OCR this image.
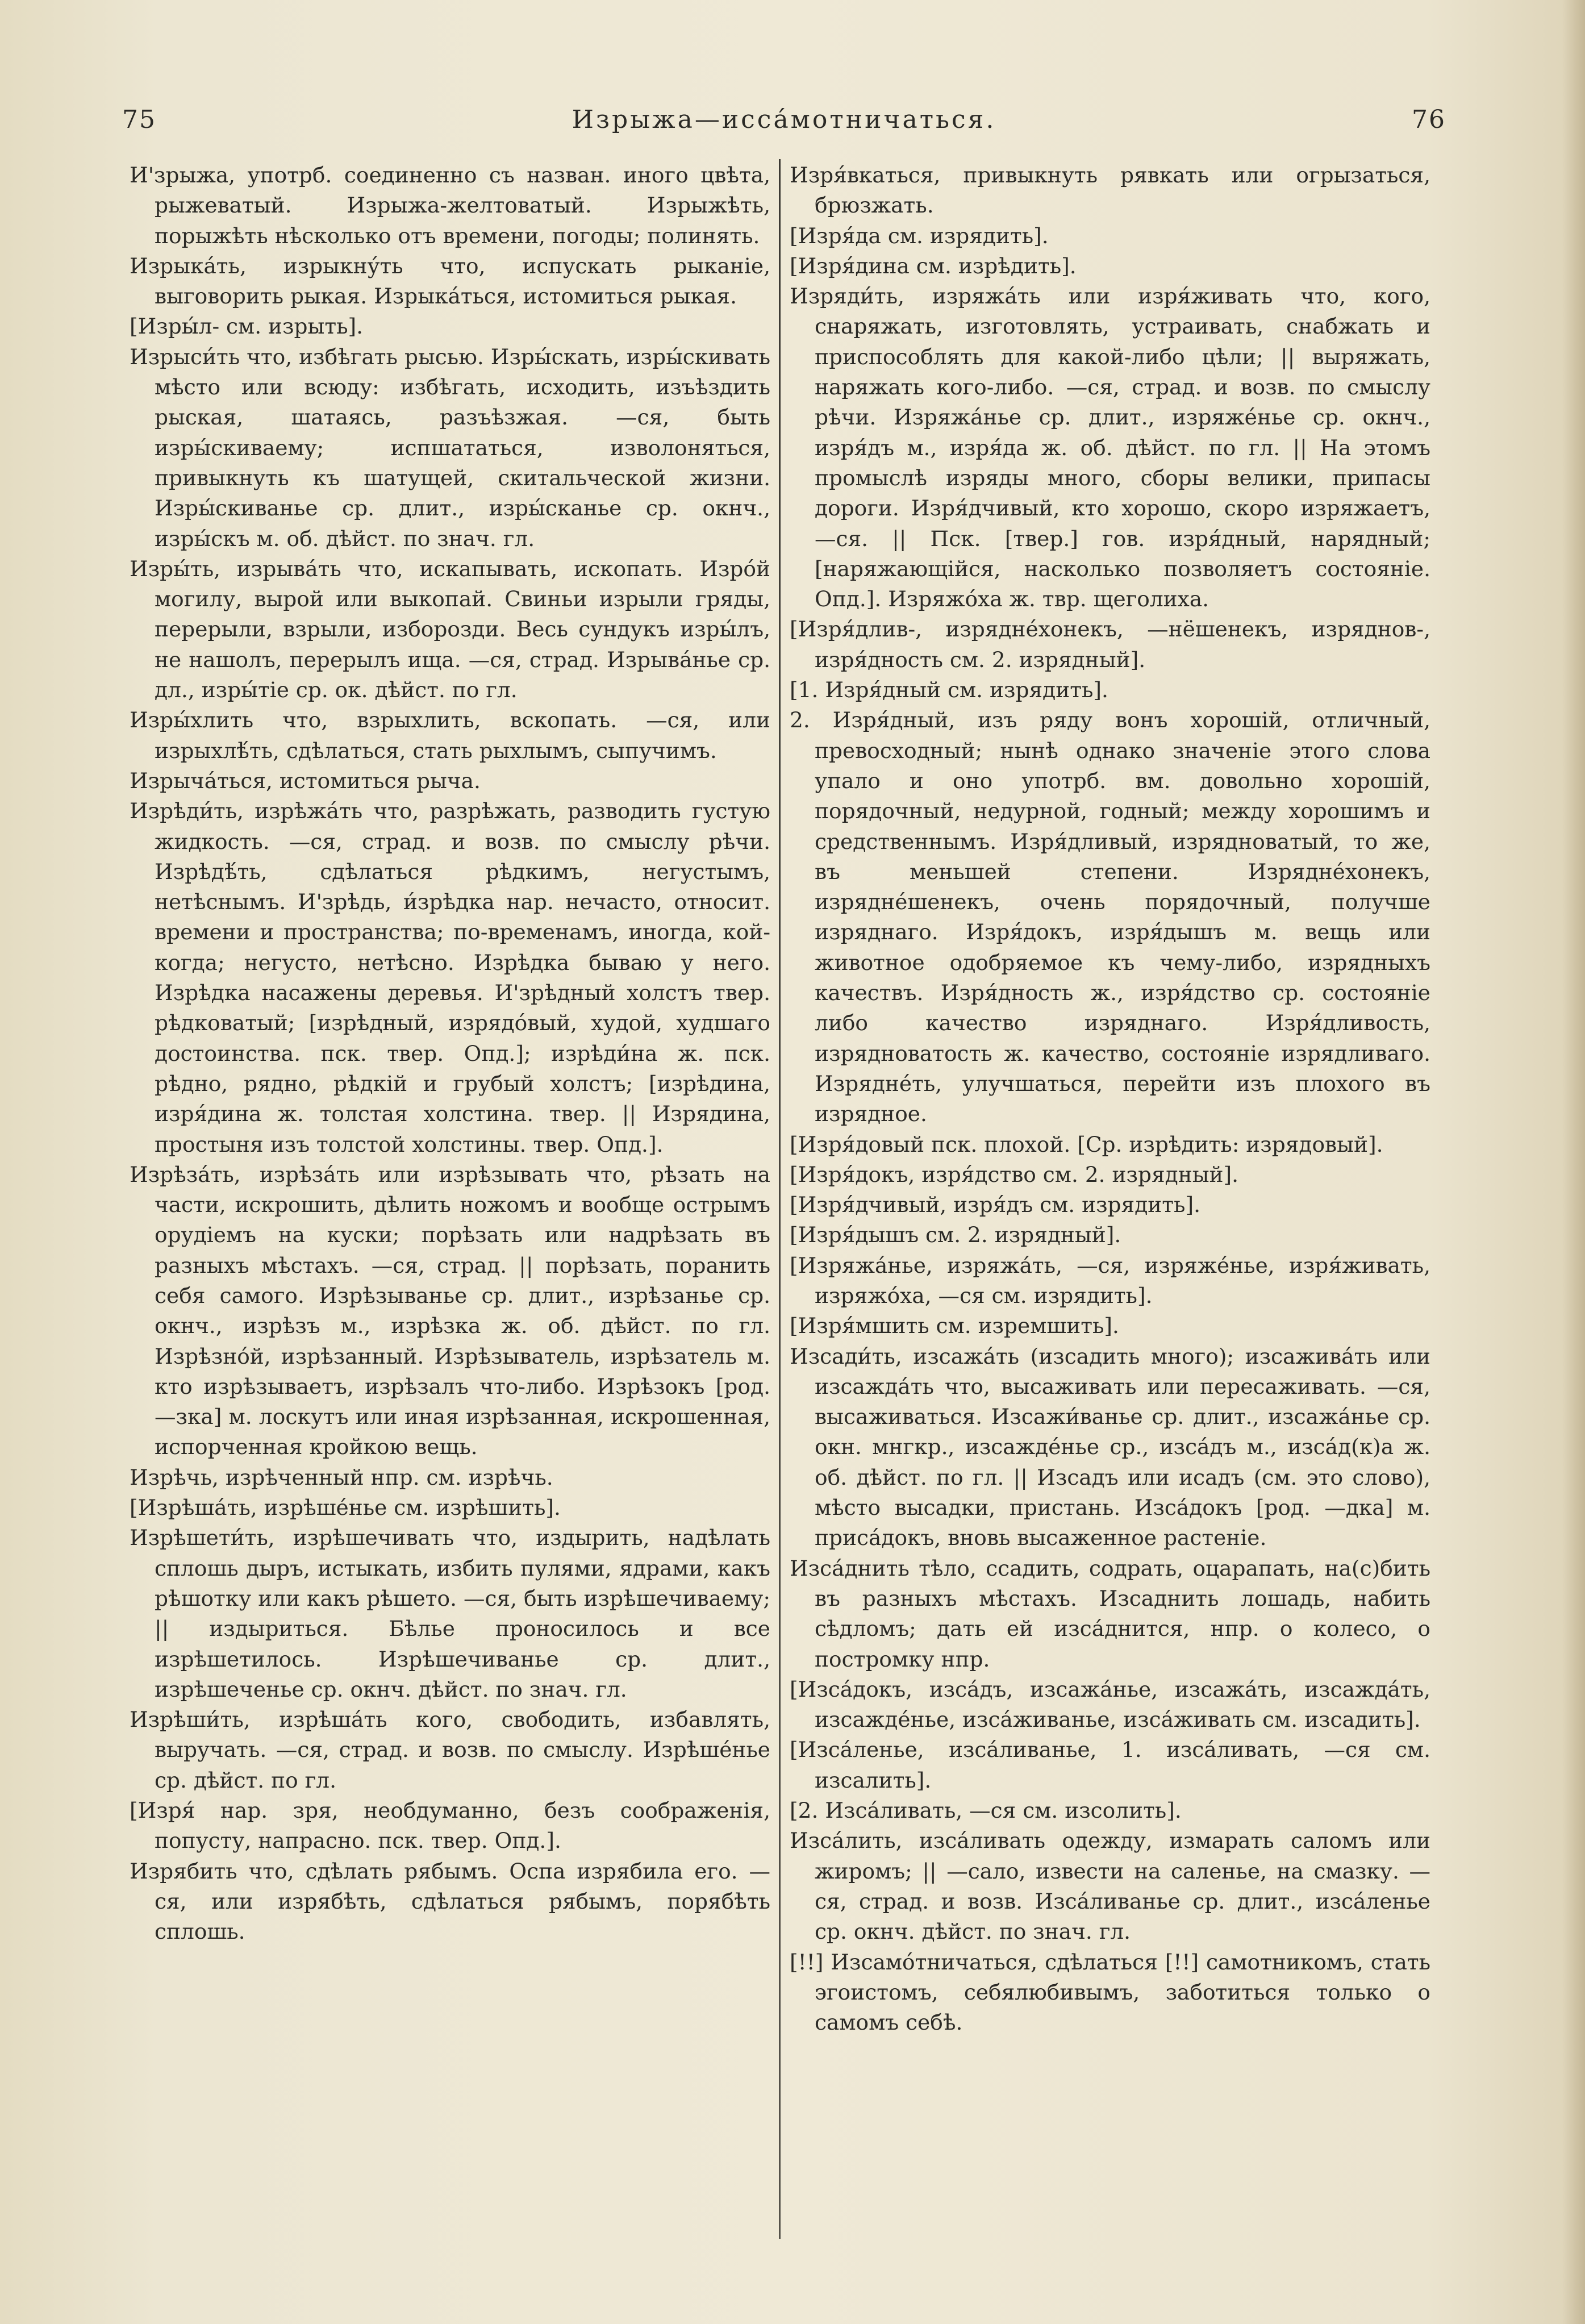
75	Изрыжа—исса́мотничаться.	76

И'зрыжа, употрб. соединенно съ назван. иного цвѣта, рыжеватый. Изрыжа-желтоватый. Изрыжѣть, порыжѣть нѣсколько отъ времени, погоды; полинять.

Изрыка́ть, изрыкну́ть что, испускать рыканіе, выговорить рыкая. Изрыка́ться, истомиться рыкая.

[Изры́л- см. изрыть].

Изрыси́ть что, избѣгать рысью. Изры́скать, изры́скивать мѣсто или всюду: избѣгать, исходить, изъѣздить рыская, шатаясь, разъѣзжая. —ся, быть изры́скиваему; испшататься, изволоняться, привыкнуть къ шатущей, скитальческой жизни. Изры́скиванье ср. длит., изры́сканье ср. окнч., изры́скъ м. об. дѣйст. по знач. гл.

Изры́ть, изрыва́ть что, искапывать, ископать. Изро́й могилу, вырой или выкопай. Свиньи изрыли гряды, перерыли, взрыли, изборозди. Весь сундукъ изры́лъ, не нашолъ, перерылъ ища. —ся, страд. Изрыва́нье ср. дл., изры́тіе ср. ок. дѣйст. по гл.

Изры́хлить что, взрыхлить, вскопать. —ся, или изрыхлѣ́ть, сдѣлаться, стать рыхлымъ, сыпучимъ.

Изрыча́ться, истомиться рыча.

Изрѣди́ть, изрѣжа́ть что, разрѣжать, разводить густую жидкость. —ся, страд. и возв. по смыслу рѣчи. Изрѣдѣ́ть, сдѣлаться рѣдкимъ, негустымъ, нетѣснымъ. И'зрѣдь, и́зрѣдка нар. нечасто, относит. времени и пространства; по-временамъ, иногда, кой-когда; негусто, нетѣсно. Изрѣдка бываю у него. Изрѣдка насажены деревья. И'зрѣдный холстъ твер. рѣдковатый; [изрѣдный, изрядо́вый, худой, худшаго достоинства. пск. твер. Опд.]; изрѣди́на ж. пск. рѣдно, рядно, рѣдкій и грубый холстъ; [изрѣдина, изря́дина ж. толстая холстина. твер. || Изрядина, простыня изъ толстой холстины. твер. Опд.].

Изрѣза́ть, изрѣза́ть или изрѣзывать что, рѣзать на части, искрошить, дѣлить ножомъ и вообще острымъ орудіемъ на куски; порѣзать или надрѣзать въ разныхъ мѣстахъ. —ся, страд. || порѣзать, поранить себя самого. Изрѣзыванье ср. длит., изрѣзанье ср. окнч., изрѣзъ м., изрѣзка ж. об. дѣйст. по гл. Изрѣзно́й, изрѣзанный. Изрѣзыватель, изрѣзатель м. кто изрѣзываетъ, изрѣзалъ что-либо. Изрѣзокъ [род. —зка] м. лоскутъ или иная изрѣзанная, искрошенная, испорченная кройкою вещь.

Изрѣчь, изрѣченный нпр. см. изрѣчь.

[Изрѣша́ть, изрѣше́нье см. изрѣшить].

Изрѣшети́ть, изрѣшечивать что, издырить, надѣлать сплошь дыръ, истыкать, избить пулями, ядрами, какъ рѣшотку или какъ рѣшето. —ся, быть изрѣшечиваему; || издыриться. Бѣлье проносилось и все изрѣшетилось. Изрѣшечиванье ср. длит., изрѣшеченье ср. окнч. дѣйст. по знач. гл.

Изрѣши́ть, изрѣша́ть кого, свободить, избавлять, выручать. —ся, страд. и возв. по смыслу. Изрѣше́нье ср. дѣйст. по гл.

[Изря́ нар. зря, необдуманно, безъ соображенія, попусту, напрасно. пск. твер. Опд.].

Изрябить что, сдѣлать рябымъ. Оспа изрябила его. —ся, или изрябѣть, сдѣлаться рябымъ, порябѣть сплошь.

Изря́вкаться, привыкнуть рявкать или огрызаться, брюзжать.

[Изря́да см. изрядить].

[Изря́дина см. изрѣдить].

Изряди́ть, изряжа́ть или изря́живать что, кого, снаряжать, изготовлять, устраивать, снабжать и приспособлять для какой-либо цѣли; || выряжать, наряжать кого-либо. —ся, страд. и возв. по смыслу рѣчи. Изряжа́нье ср. длит., изряже́нье ср. окнч., изря́дъ м., изря́да ж. об. дѣйст. по гл. || На этомъ промыслѣ изряды много, сборы велики, припасы дороги. Изря́дчивый, кто хорошо, скоро изряжаетъ, —ся. || Пск. [твер.] гов. изря́дный, нарядный; [наряжающійся, насколько позволяетъ состояніе. Опд.]. Изряжо́ха ж. твр. щеголиха.

[Изря́длив-, изрядне́хонекъ, —нёшенекъ, изряднов-, изря́дность см. 2. изрядный].

[1. Изря́дный см. изрядить].

2. Изря́дный, изъ ряду вонъ хорошій, отличный, превосходный; нынѣ однако значеніе этого слова упало и оно употрб. вм. довольно хорошій, порядочный, недурной, годный; между хорошимъ и средственнымъ. Изря́дливый, изрядноватый, то же, въ меньшей степени. Изрядне́хонекъ, изрядне́шенекъ, очень порядочный, получше изряднаго. Изря́докъ, изря́дышъ м. вещь или животное одобряемое къ чему-либо, изрядныхъ качествъ. Изря́дность ж., изря́дство ср. состояніе либо качество изряднаго. Изря́дливость, изрядноватость ж. качество, состояніе изрядливаго. Изрядне́ть, улучшаться, перейти изъ плохого въ изрядное.

[Изря́довый пск. плохой. [Ср. изрѣдить: изрядовый].

[Изря́докъ, изря́дство см. 2. изрядный].

[Изря́дчивый, изря́дъ см. изрядить].

[Изря́дышъ см. 2. изрядный].

[Изряжа́нье, изряжа́ть, —ся, изряже́нье, изря́живать, изряжо́ха, —ся см. изрядить].

[Изря́мшить см. изремшить].

Изсади́ть, изсажа́ть (изсадить много); изсажива́ть или изсажда́ть что, высаживать или пересаживать. —ся, высаживаться. Изсажи́ванье ср. длит., изсажа́нье ср. окн. мнгкр., изсажде́нье ср., изса́дъ м., изса́д(к)а ж. об. дѣйст. по гл. || Изсадъ или исадъ (см. это слово), мѣсто высадки, пристань. Изса́докъ [род. —дка] м. приса́докъ, вновь высаженное растеніе.

Изса́днить тѣло, ссадить, содрать, оцарапать, на(с)бить въ разныхъ мѣстахъ. Изсаднить лошадь, набить сѣдломъ; дать ей изса́днится, нпр. о колесо, о постромку нпр.

[Изса́докъ, изса́дъ, изсажа́нье, изсажа́ть, изсажда́ть, изсажде́нье, изса́живанье, изса́живать см. изсадить].

[Изса́ленье, изса́ливанье, 1. изса́ливать, —ся см. изсалить].

[2. Изса́ливать, —ся см. изсолить].

Изса́лить, изса́ливать одежду, измарать саломъ или жиромъ; || —сало, извести на саленье, на смазку. —ся, страд. и возв. Изса́ливанье ср. длит., изса́ленье ср. окнч. дѣйст. по знач. гл.

[!!] Изсамо́тничаться, сдѣлаться [!!] самотникомъ, стать эгоистомъ, себялюбивымъ, заботиться только о самомъ себѣ.
